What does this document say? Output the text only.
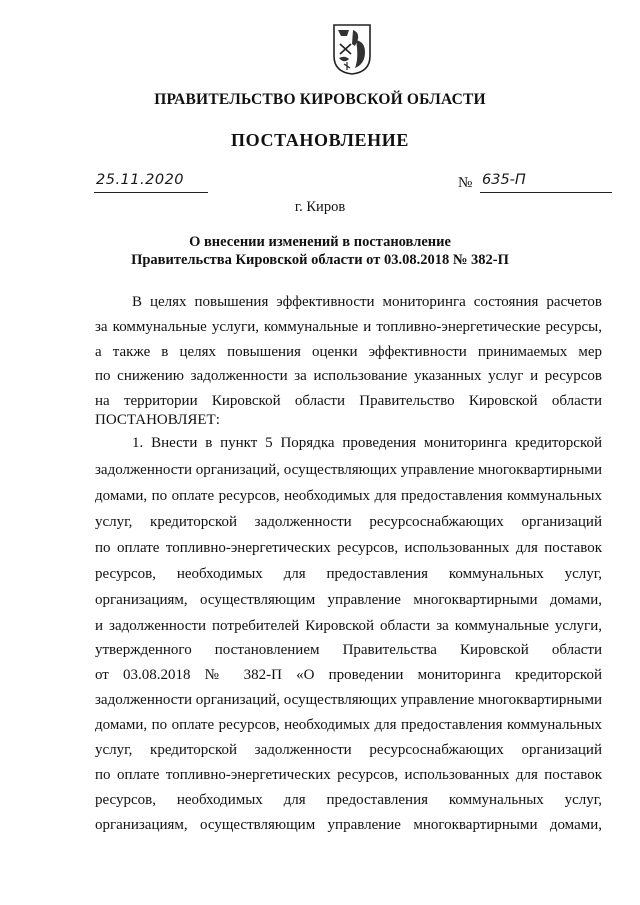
ПРАВИТЕЛЬСТВО КИРОВСКОЙ ОБЛАСТИ
ПОСТАНОВЛЕНИЕ
25.11.2020	№ 635-П
г. Киров
О внесении изменений в постановление
Правительства Кировской области от 03.08.2018 № 382-П
В целях повышения эффективности мониторинга состояния расчетов
за коммунальные услуги, коммунальные и топливно-энергетические ресурсы,
а также в целях повышения оценки эффективности принимаемых мер
по снижению задолженности за использование указанных услуг и ресурсов
на территории Кировской области Правительство Кировской области
ПОСТАНОВЛЯЕТ:
1. Внести в пункт 5 Порядка проведения мониторинга кредиторской
задолженности организаций, осуществляющих управление многоквартирными
домами, по оплате ресурсов, необходимых для предоставления коммунальных
услуг, кредиторской задолженности ресурсоснабжающих организаций
по оплате топливно-энергетических ресурсов, использованных для поставок
ресурсов, необходимых для предоставления коммунальных услуг,
организациям, осуществляющим управление многоквартирными домами,
и задолженности потребителей Кировской области за коммунальные услуги,
утвержденного постановлением Правительства Кировской области
от 03.08.2018 № 382-П «О проведении мониторинга кредиторской
задолженности организаций, осуществляющих управление многоквартирными
домами, по оплате ресурсов, необходимых для предоставления коммунальных
услуг, кредиторской задолженности ресурсоснабжающих организаций
по оплате топливно-энергетических ресурсов, использованных для поставок
ресурсов, необходимых для предоставления коммунальных услуг,
организациям, осуществляющим управление многоквартирными домами,
